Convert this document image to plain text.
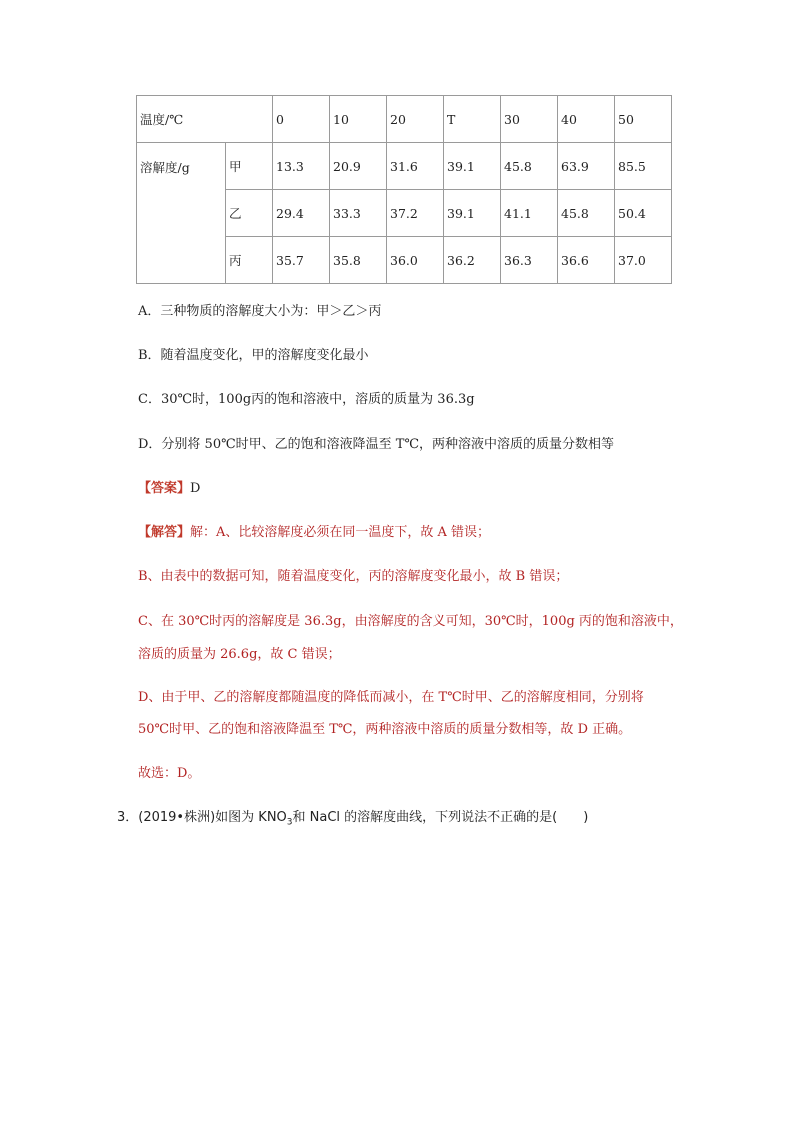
温度/℃		0	10	20	T	30	40	50
溶解度/g	甲	13.3	20.9	31.6	39.1	45.8	63.9	85.5
	乙	29.4	33.3	37.2	39.1	41.1	45.8	50.4
	丙	35.7	35.8	36.0	36.2	36.3	36.6	37.0
A．三种物质的溶解度大小为：甲＞乙＞丙
B．随着温度变化，甲的溶解度变化最小
C．30℃时，100g丙的饱和溶液中，溶质的质量为 36.3g
D．分别将 50℃时甲、乙的饱和溶液降温至 T℃，两种溶液中溶质的质量分数相等
【答案】D
【解答】解：A、比较溶解度必须在同一温度下，故 A 错误；
B、由表中的数据可知，随着温度变化，丙的溶解度变化最小，故 B 错误；
C、在 30℃时丙的溶解度是 36.3g，由溶解度的含义可知，30℃时，100g 丙的饱和溶液中，
溶质的质量为 26.6g，故 C 错误；
D、由于甲、乙的溶解度都随温度的降低而减小，在 T℃时甲、乙的溶解度相同，分别将
50℃时甲、乙的饱和溶液降温至 T℃，两种溶液中溶质的质量分数相等，故 D 正确。
故选：D。
3．(2019•株洲)如图为 $KNO_3$和 NaCl 的溶解度曲线，下列说法不正确的是(　　)
